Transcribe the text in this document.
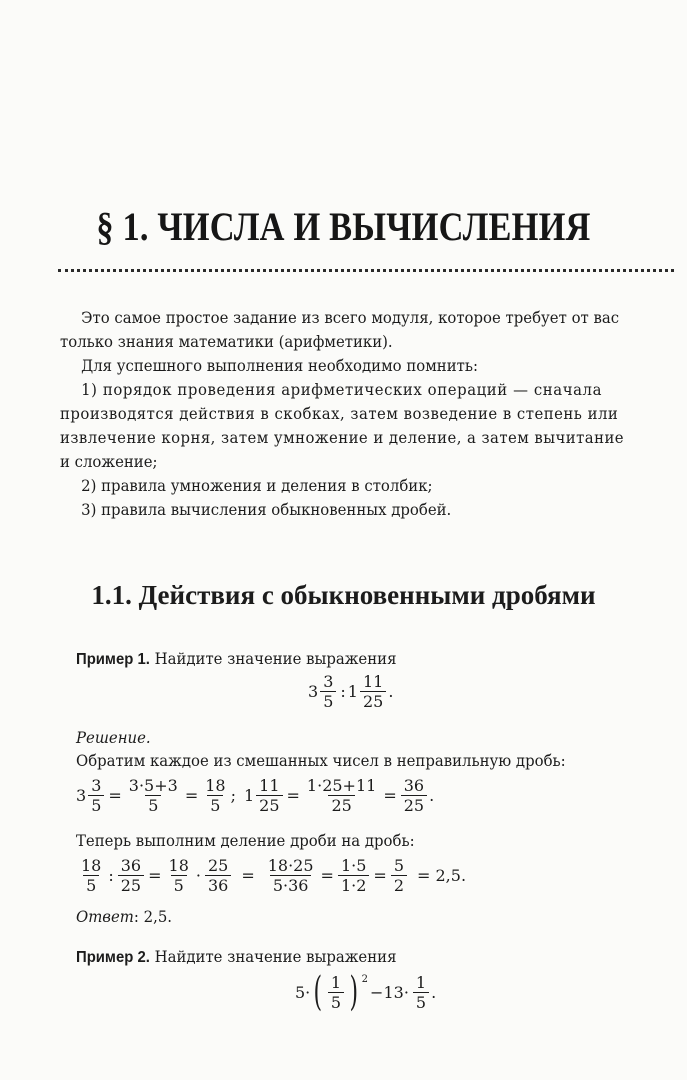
§ 1. ЧИСЛА И ВЫЧИСЛЕНИЯ

Это самое простое задание из всего модуля, которое требует от вас

только знания математики (арифметики).

Для успешного выполнения необходимо помнить:

1) порядок проведения арифметических операций — сначала

производятся действия в скобках, затем возведение в степень или

извлечение корня, затем умножение и деление, а затем вычитание

и сложение;

2) правила умножения и деления в столбик;

3) правила вычисления обыкновенных дробей.

1.1. Действия с обыкновенными дробями
Пример 1. Найдите значение выражения
$3 \frac{3}{5}$ : $1 \frac{11}{25}$ .
Решение.
Обратим каждое из смешанных чисел в неправильную дробь:
$3 \frac{3}{5} = \frac{3\cdot 5+3}{5} = \frac{18}{5}$ ; $1 \frac{11}{25} = \frac{1\cdot 25+11}{25} = \frac{36}{25}$ .
Теперь выполним деление дроби на дробь:
$\frac{18}{5}$ : $\frac{36}{25} = \frac{18}{5} \cdot \frac{25}{36} = \frac{18\cdot 25}{5\cdot 36} = \frac{1\cdot 5}{1\cdot 2} = \frac{5}{2} = 2,5$.
Ответ: 2,5.
Пример 2. Найдите значение выражения
5· ( $\frac{1}{5}$ ) 2
$-13\cdot \frac{1}{5}$ .
